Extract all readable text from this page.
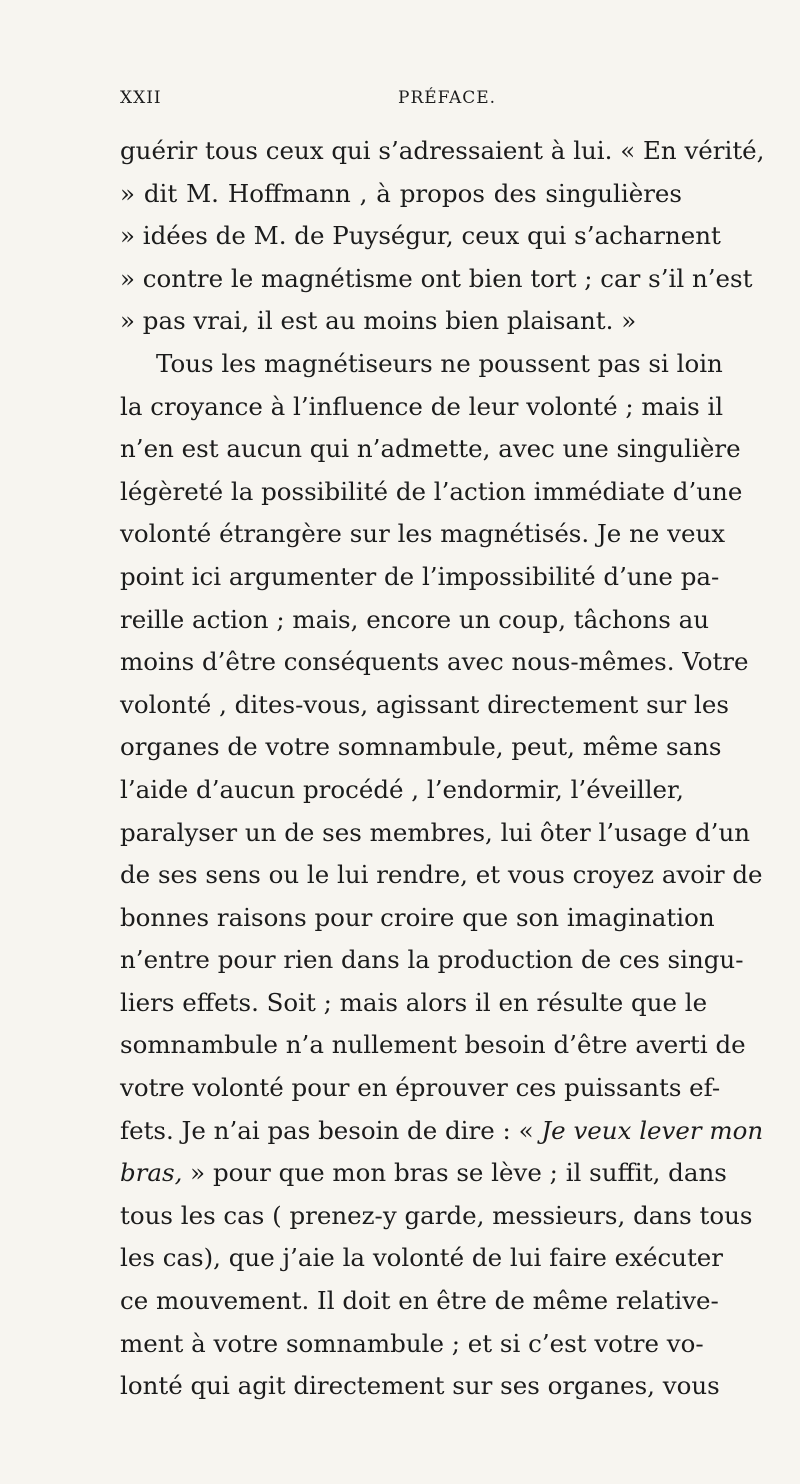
XXII	PRÉFACE.
guérir tous ceux qui s’adressaient à lui. « En vérité,
» dit M. Hoffmann , à propos des singulières
» idées de M. de Puységur, ceux qui s’acharnent
» contre le magnétisme ont bien tort ; car s’il n’est
» pas vrai, il est au moins bien plaisant. »
Tous les magnétiseurs ne poussent pas si loin
la croyance à l’influence de leur volonté ; mais il
n’en est aucun qui n’admette, avec une singulière
légèreté la possibilité de l’action immédiate d’une
volonté étrangère sur les magnétisés. Je ne veux
point ici argumenter de l’impossibilité d’une pa-
reille action ; mais, encore un coup, tâchons au
moins d’être conséquents avec nous-mêmes. Votre
volonté , dites-vous, agissant directement sur les
organes de votre somnambule, peut, même sans
l’aide d’aucun procédé , l’endormir, l’éveiller,
paralyser un de ses membres, lui ôter l’usage d’un
de ses sens ou le lui rendre, et vous croyez avoir de
bonnes raisons pour croire que son imagination
n’entre pour rien dans la production de ces singu-
liers effets. Soit ; mais alors il en résulte que le
somnambule n’a nullement besoin d’être averti de
votre volonté pour en éprouver ces puissants ef-
fets. Je n’ai pas besoin de dire : « Je veux lever mon
bras, » pour que mon bras se lève ; il suffit, dans
tous les cas ( prenez-y garde, messieurs, dans tous
les cas), que j’aie la volonté de lui faire exécuter
ce mouvement. Il doit en être de même relative-
ment à votre somnambule ; et si c’est votre vo-
lonté qui agit directement sur ses organes, vous
